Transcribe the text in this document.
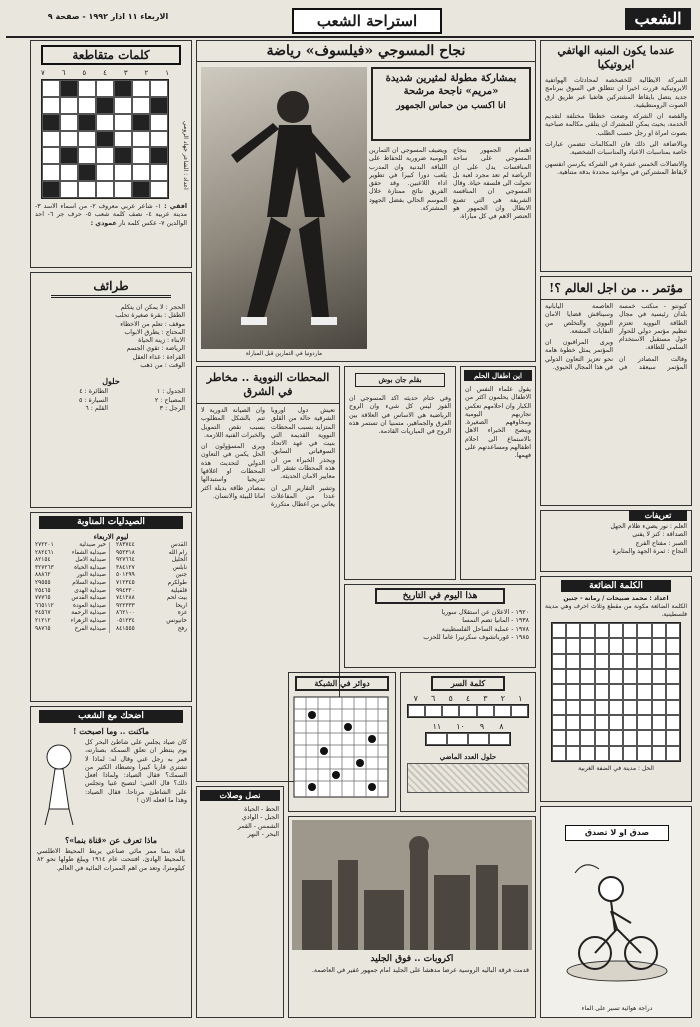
الشعب
استراحة الشعب
الاربعاء ١١ اذار ١٩٩٢ - صفحة ٩
عندما يكون المنبه الهاتفي ايروتيكيا

الشركة الايطالية للخصخصة لمحادثات الهواتفية الايروتيكية قررت اخيرا ان تتطلق في السوق ببرنامج جديد يتصل بايقاظ المشتركين هاتفيا عبر طريق ارق الصوت الرومنطيقية.

والقصة ان الشركة وضعت خططا مختلفة لتقديم الخدمة، بحيث يمكن للمشترك ان يتلقى مكالمة صباحية بصوت امراة او رجل حسب الطلب.

وبالاضافة الى ذلك فان المكالمات تتضمن عبارات خاصة بمناسبات الاعياد والمناسبات الشخصية.

والاتصالات الخمس عشرة في الشركة يكرسن انفسهن لايقاظ المشتركين في مواعيد محددة بدقة متناهية.

مؤتمر .. من اجل العالم ؟!

كيونتو - منكتب خمسة بلدان رئيسية في مجال الطاقة النووية تعتزم تنظيم مؤتمر دولي للحوار حول مستقبل الاستخدام السلمي للطاقة.

وقالت المصادر ان المؤتمر سيعقد في العاصمة اليابانية وسيناقش قضايا الامان النووي والتخلص من النفايات المشعة.

ويرى المراقبون ان المؤتمر يمثل خطوة هامة نحو تعزيز التعاون الدولي في هذا المجال الحيوي.

تعريفات
العلم : نور يضيء ظلام الجهل
الصداقة : كنز لا يفنى
الصبر : مفتاح الفرج
النجاح : ثمرة الجهد والمثابرة
الكلمة الضائعة
اعداد : محمد صبيحات / رمانة - جنين
الكلمة الضائعة مكونة من مقطع وثلاث احرف وهي مدينة فلسطينية.
الحل : مدينة في الضفة الغربية
صدق او لا تصدق
دراجة هوائية تسير على الماء
نجاح المسوجي «فيلسوف» رياضة
بمشاركة مطولة لمثيرين شديدة «مريم» ناجحة مرشحة
انا اكسب من حماس الجمهور
ماردونيا في التمارين قبل المباراة
اهتمام الجمهور بنجاح المسوجي على ساحة المنافسات يدل على ان الرياضة لم تعد مجرد لعبة بل تحولت الى فلسفة حياة. وقال المسوجي ان المنافسة الشريفة هي التي تصنع الابطال وان الجمهور هو العنصر الاهم في كل مباراة.
ويضيف المسوجي ان التمارين اليومية ضرورية للحفاظ على اللياقة البدنية وان المدرب يلعب دورا كبيرا في تطوير اداء اللاعبين. وقد حقق الفريق نتائج ممتازة خلال الموسم الحالي بفضل الجهود المشتركة.
كلمات متقاطعة
١
٢
٣
٤
٥
٦
٧
اعداد : الشاعر جهاد الرومي
افقي : ١- شاعر عربي معروف ٢- من اسماء الاسد ٣- مدينة عربية ٤- نصف كلمة شعب ٥- حرف جر ٦- احد الوالدين ٧- عكس كلمة نار عمودي :
طرائف
الحجر : لا يمكن ان يتكلم
الطفل : بقرة صغيرة تحلب
موقف : تعلم من الاخطاء
المحتاج : يطرق الابواب
الابناء : زينة الحياة
الرياضة : تقوي الجسم
القراءة : غذاء العقل
الوقت : من ذهب
حلول
الجدول : ١
المصباح : ٢
الرجل : ٣
الطائرة : ٤
السيارة : ٥
القلم : ٦
الصيدليات المناوبة
ليوم الاربعاء
القدس
٢٨٣٧٤٤
رام الله
٩٥٢٣١٨
الخليل
٩٢٧٦٦٤
نابلس
٣٨٤١٢٧
جنين
٥٠١٢٩٩
طولكرم
٧١٢٣٤٥
قلقيلية
٩٩٤٣٢٠
بيت لحم
٧٤١٢٨٨
اريحا
٩٢٢٣٣٣
غزة
٨٦٢١٠٠
خانيونس
٠٥١٢٣٤
رفح
٨٤١٥٥٥
خير صيدلية
٢٧٢٢٠١
صيدلية الشفاء
٢٨٢٤٦١
صيدلية الامل
٨٢١٥٤
صيدلية الحياة
٣٢٧٢٦٣
صيدلية النور
٨٨٨٦٢
صيدلية السلام
٢٩٥٥٥
صيدلية الهدى
٢٥٤٦٥
صيدلية القدس
٧٧٧٦٥
صيدلية العودة
٦٦٥١١٢
صيدلية الرحمة
٣٤٥٦٧
صيدلية الزهراء
٢١٢١٢
صيدلية الفرح
٩٨٧٦٥
اضحك مع الشعب
ماكنت .. وما اصبحت !
كان صياد يجلس على شاطئ البحر كل يوم ينتظر ان تعلق السمكة بصنارته، فمر به رجل غني وقال له: لماذا لا تشتري قاربا كبيرا وتصطاد الكثير من السمك؟ فقال الصياد: ولماذا افعل ذلك؟ قال الغني: لتصبح غنيا وتجلس على الشاطئ مرتاحا. فقال الصياد: وهذا ما افعله الان !
ماذا تعرف عن «قناة بنما»؟
قناة بنما ممر مائي صناعي يربط المحيط الاطلسي بالمحيط الهادئ، افتتحت عام ١٩١٤ ويبلغ طولها نحو ٨٢ كيلومترا، وتعد من اهم الممرات المائية في العالم.
المحطات النووية .. مخاطر في الشرق

تعيش دول اوروبا الشرقية حالة من القلق المتزايد بسبب المحطات النووية القديمة التي بنيت في عهد الاتحاد السوفياتي السابق. ويحذر الخبراء من ان هذه المحطات تفتقر الى معايير الامان الحديثة.

وتشير التقارير الى ان عددا من المفاعلات يعاني من اعطال متكررة وان الصيانة الدورية لا تتم بالشكل المطلوب بسبب نقص التمويل والخبرات الفنية اللازمة.

ويرى المسؤولون ان الحل يكمن في التعاون الدولي لتحديث هذه المحطات او اغلاقها تدريجيا واستبدالها بمصادر طاقة بديلة اكثر امانا للبيئة والانسان.

بقلم جان بوش
وفي ختام حديثه اكد المسوجي ان الفوز ليس كل شيء وان الروح الرياضية هي الاساس في العلاقة بين الفرق والجماهير، متمنيا ان تستمر هذه الروح في المباريات القادمة.
اين اطفال الحلم
يقول علماء النفس ان الاطفال يحلمون اكثر من الكبار وان احلامهم تعكس تجاربهم اليومية ومخاوفهم الصغيرة. وينصح الخبراء الاهل بالاستماع الى احلام اطفالهم ومساعدتهم على فهمها.
هذا اليوم في التاريخ
١٩٢٠ - الاعلان عن استقلال سوريا
١٩٣٨ - المانيا تضم النمسا
١٩٧٨ - عملية الساحل الفلسطينية
١٩٨٥ - غورباتشوف سكرتيرا عاما للحزب
كلمة السر
١
٢
٣
٤
٥
٦
٧
٨
٩
١٠
١١
حلول العدد الماضي
دوائر في الشبكة
نصل وصلات
الحظ - الحياة
الجبل - الوادي
الشمس - القمر
البحر - النهر
اكروبات .. فوق الجليد
قدمت فرقة الباليه الروسية عرضا مدهشا على الجليد امام جمهور غفير في العاصمة.
